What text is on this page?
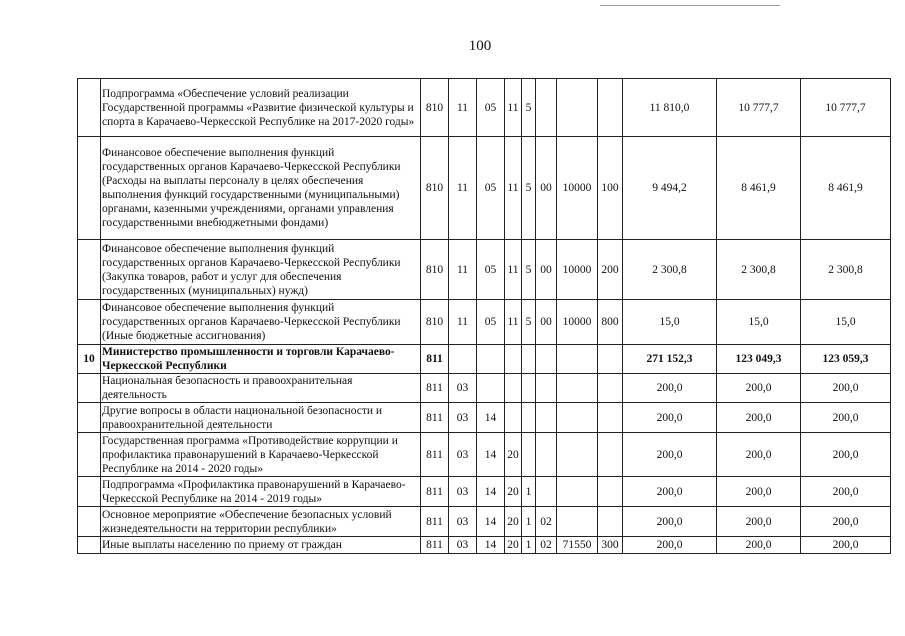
100
	Подпрограмма «Обеспечение условий реализации Государственной программы «Развитие физической культуры и спорта в Карачаево-Черкесской Республике на 2017-2020 годы»	810	11	05	11	5				11 810,0	10 777,7	10 777,7
	Финансовое обеспечение выполнения функций государственных органов Карачаево-Черкесской Республики (Расходы на выплаты персоналу в целях обеспечения выполнения функций государственными (муниципальными) органами, казенными учреждениями, органами управления государственными внебюджетными фондами)	810	11	05	11	5	00	10000	100	9 494,2	8 461,9	8 461,9
	Финансовое обеспечение выполнения функций государственных органов Карачаево-Черкесской Республики (Закупка товаров, работ и услуг для обеспечения государственных (муниципальных) нужд)	810	11	05	11	5	00	10000	200	2 300,8	2 300,8	2 300,8
	Финансовое обеспечение выполнения функций государственных органов Карачаево-Черкесской Республики (Иные бюджетные ассигнования)	810	11	05	11	5	00	10000	800	15,0	15,0	15,0
10	Министерство промышленности и торговли Карачаево-Черкесской Республики	811								271 152,3	123 049,3	123 059,3
	Национальная безопасность и правоохранительная деятельность	811	03							200,0	200,0	200,0
	Другие вопросы в области национальной безопасности и правоохранительной деятельности	811	03	14						200,0	200,0	200,0
	Государственная программа «Противодействие коррупции и профилактика правонарушений в Карачаево-Черкесской Республике на 2014 - 2020 годы»	811	03	14	20					200,0	200,0	200,0
	Подпрограмма «Профилактика правонарушений в Карачаево-Черкесской Республике на 2014 - 2019 годы»	811	03	14	20	1				200,0	200,0	200,0
	Основное мероприятие «Обеспечение безопасных условий жизнедеятельности на территории республики»	811	03	14	20	1	02			200,0	200,0	200,0
	Иные выплаты населению по приему от граждан	811	03	14	20	1	02	71550	300	200,0	200,0	200,0
